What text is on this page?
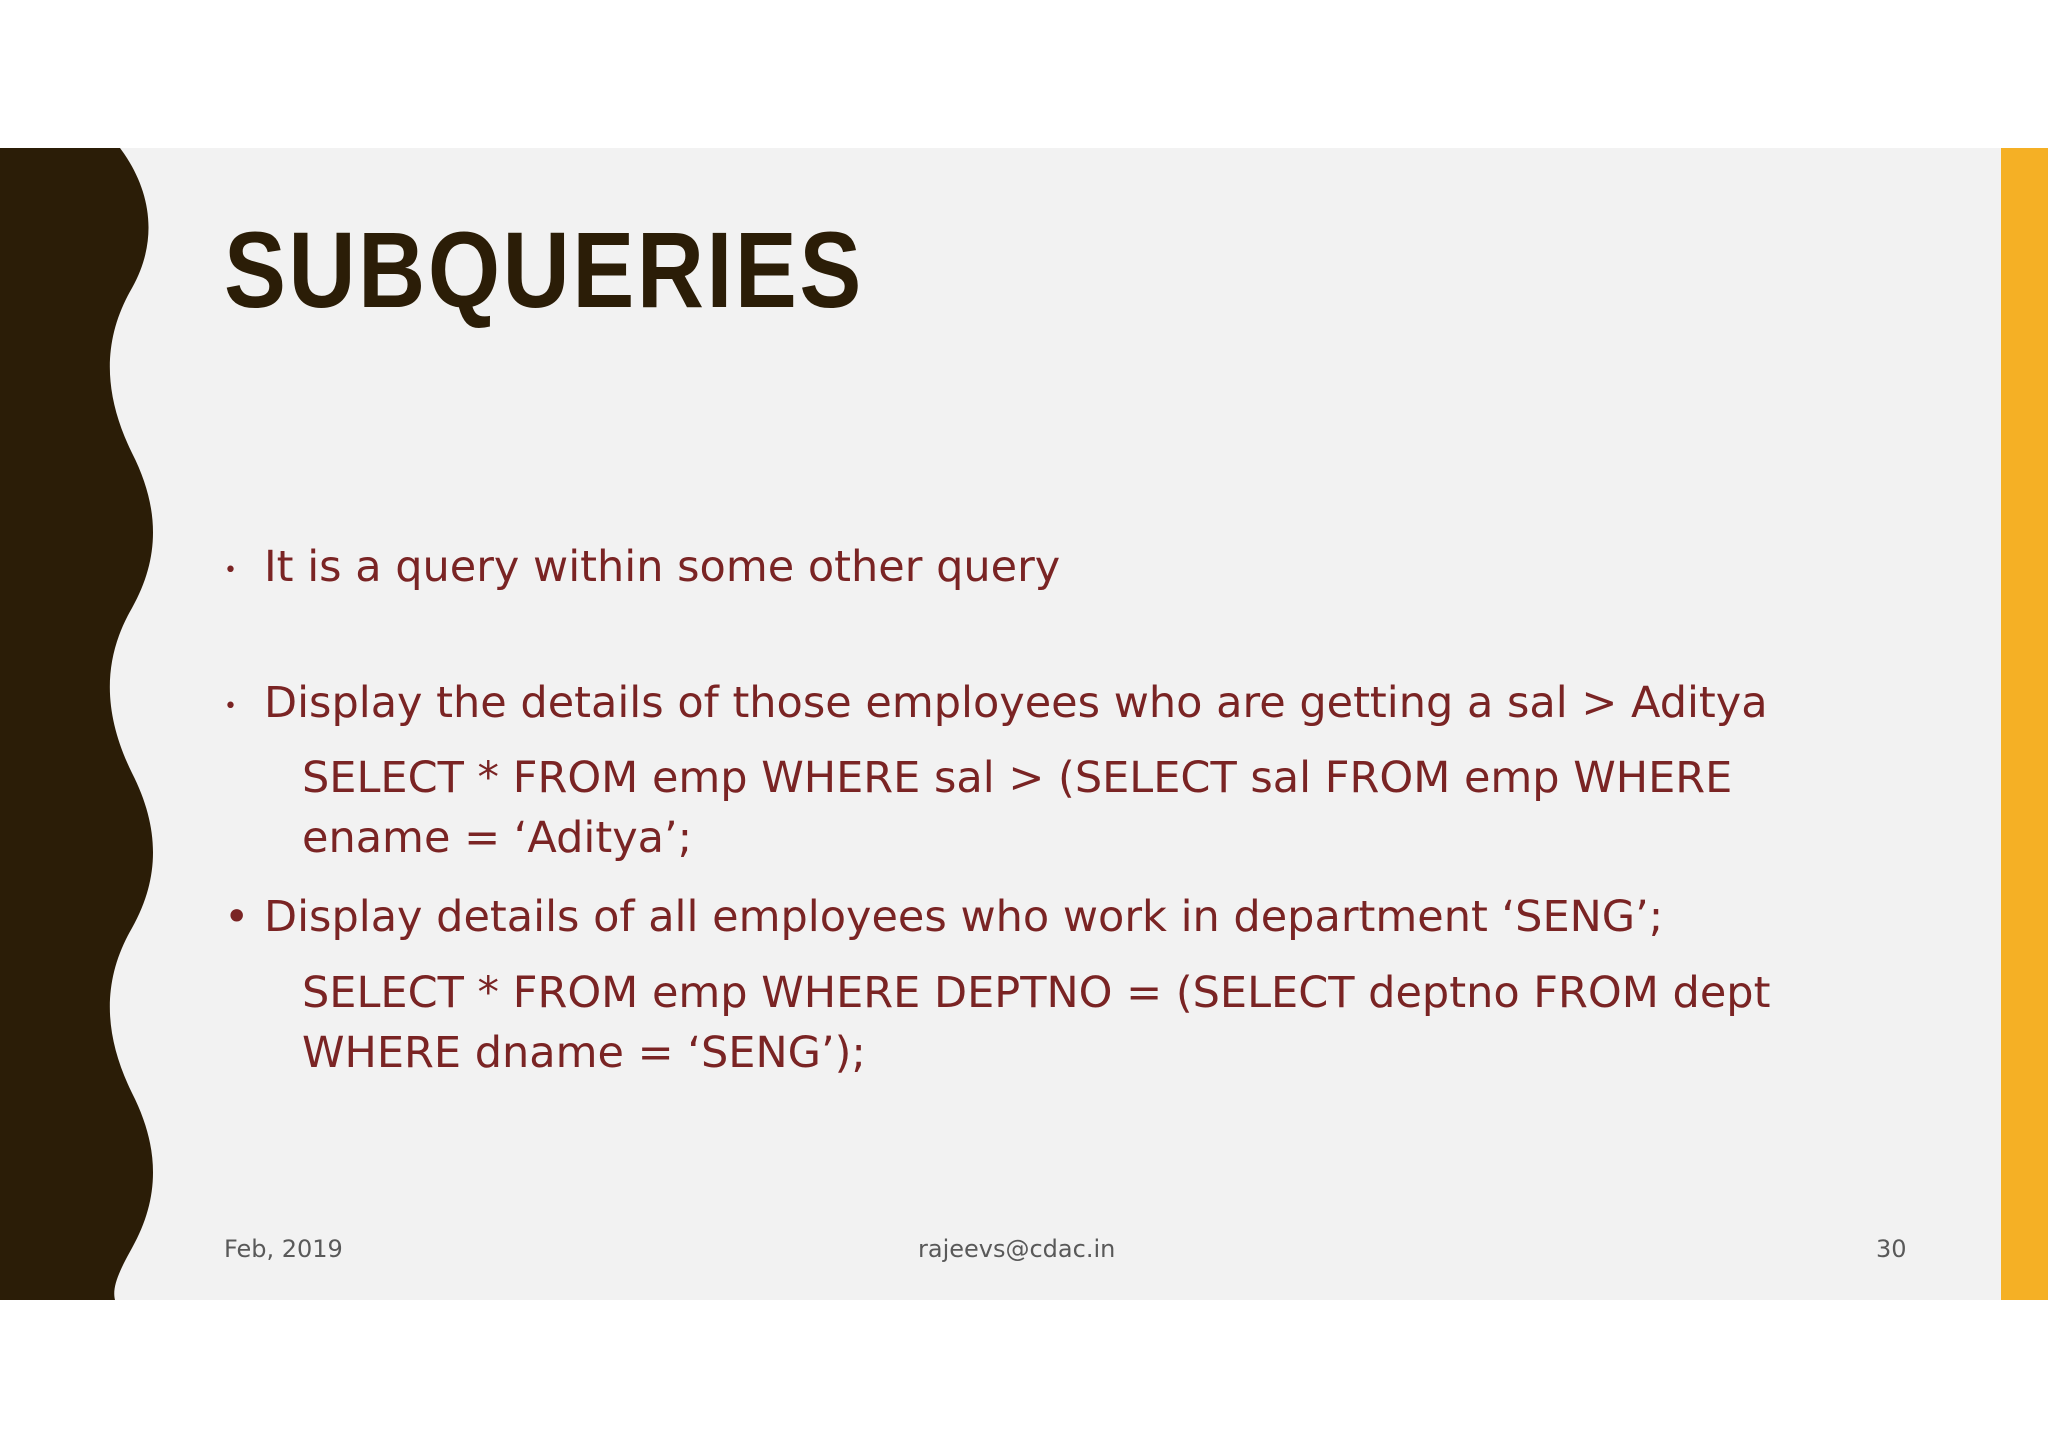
SUBQUERIES
• It is a query within some other query
• Display the details of those employees who are getting a sal > Aditya
SELECT * FROM emp WHERE sal > (SELECT sal FROM emp WHERE
ename = ‘Aditya’;
• Display details of all employees who work in department ‘SENG’;
SELECT * FROM emp WHERE DEPTNO = (SELECT deptno FROM dept
WHERE dname = ‘SENG’);
Feb, 2019	rajeevs@cdac.in	30
